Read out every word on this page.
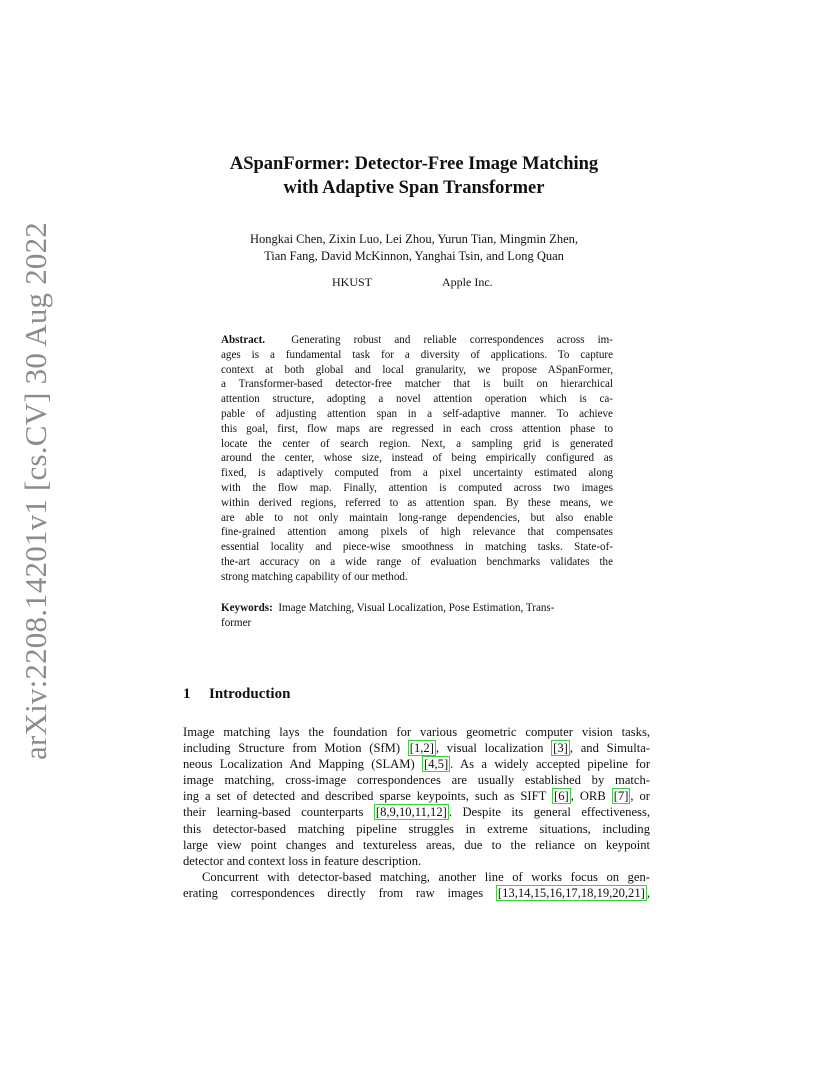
arXiv:2208.14201v1 [cs.CV] 30 Aug 2022
ASpanFormer: Detector-Free Image Matching
with Adaptive Span Transformer
Hongkai Chen, Zixin Luo, Lei Zhou, Yurun Tian, Mingmin Zhen,
Tian Fang, David McKinnon, Yanghai Tsin, and Long Quan
HKUST	Apple Inc.
Abstract. Generating robust and reliable correspondences across im-
ages is a fundamental task for a diversity of applications. To capture
context at both global and local granularity, we propose ASpanFormer,
a Transformer-based detector-free matcher that is built on hierarchical
attention structure, adopting a novel attention operation which is ca-
pable of adjusting attention span in a self-adaptive manner. To achieve
this goal, first, flow maps are regressed in each cross attention phase to
locate the center of search region. Next, a sampling grid is generated
around the center, whose size, instead of being empirically configured as
fixed, is adaptively computed from a pixel uncertainty estimated along
with the flow map. Finally, attention is computed across two images
within derived regions, referred to as attention span. By these means, we
are able to not only maintain long-range dependencies, but also enable
fine-grained attention among pixels of high relevance that compensates
essential locality and piece-wise smoothness in matching tasks. State-of-
the-art accuracy on a wide range of evaluation benchmarks validates the
strong matching capability of our method.
Keywords: Image Matching, Visual Localization, Pose Estimation, Trans-
former
1 Introduction
Image matching lays the foundation for various geometric computer vision tasks,
including Structure from Motion (SfM) [1,2] , visual localization [3] , and Simulta-
neous Localization And Mapping (SLAM) [4,5] . As a widely accepted pipeline for
image matching, cross-image correspondences are usually established by match-
ing a set of detected and described sparse keypoints, such as SIFT [6] , ORB [7] , or
their learning-based counterparts [8,9,10,11,12] . Despite its general effectiveness,
this detector-based matching pipeline struggles in extreme situations, including
large view point changes and textureless areas, due to the reliance on keypoint
detector and context loss in feature description.
Concurrent with detector-based matching, another line of works focus on gen-
erating correspondences directly from raw images [13,14,15,16,17,18,19,20,21] ,
